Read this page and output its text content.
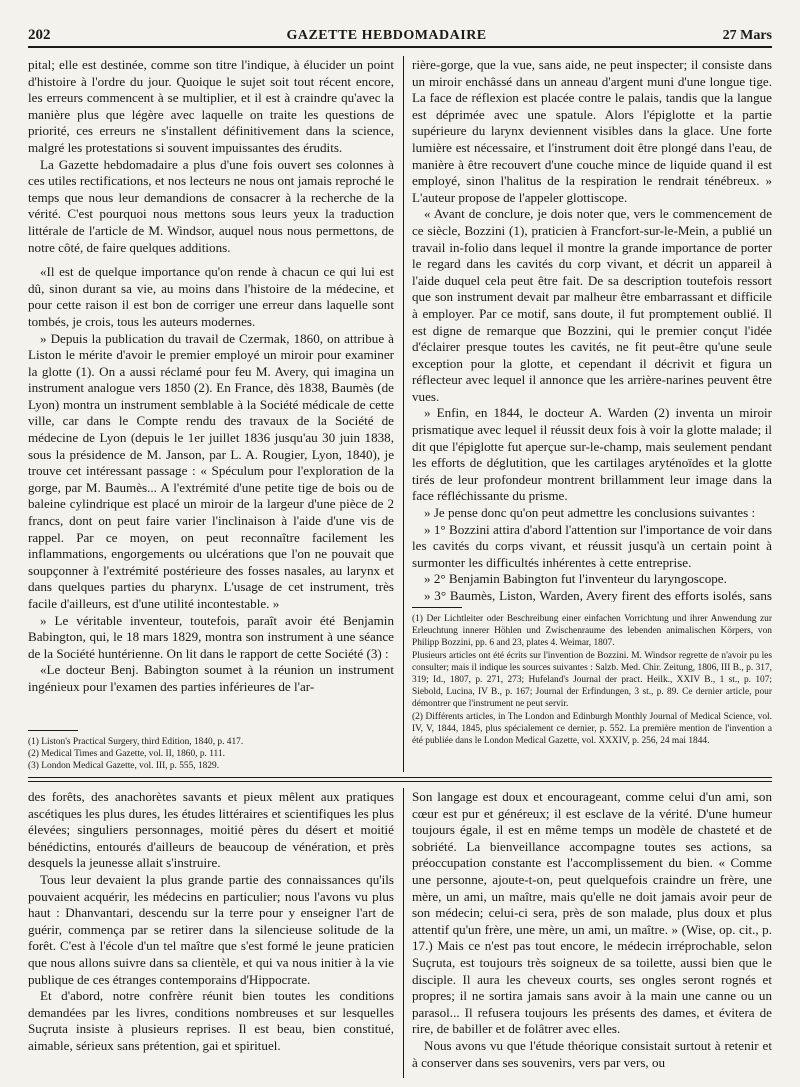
202	GAZETTE HEBDOMADAIRE	27 Mars

pital; elle est destinée, comme son titre l'indique, à élucider un point d'histoire à l'ordre du jour. Quoique le sujet soit tout récent encore, les erreurs commencent à se multiplier, et il est à craindre qu'avec la manière plus que légère avec laquelle on traite les questions de priorité, ces erreurs ne s'installent définitivement dans la science, malgré les protestations si souvent impuissantes des érudits.

La Gazette hebdomadaire a plus d'une fois ouvert ses colonnes à ces utiles rectifications, et nos lecteurs ne nous ont jamais reproché le temps que nous leur demandions de consacrer à la recherche de la vérité. C'est pourquoi nous mettons sous leurs yeux la traduction littérale de l'article de M. Windsor, auquel nous nous permettons, de notre côté, de faire quelques additions.

«Il est de quelque importance qu'on rende à chacun ce qui lui est dû, sinon durant sa vie, au moins dans l'histoire de la médecine, et pour cette raison il est bon de corriger une erreur dans laquelle sont tombés, je crois, tous les auteurs modernes.

» Depuis la publication du travail de Czermak, 1860, on attribue à Liston le mérite d'avoir le premier employé un miroir pour examiner la glotte (1). On a aussi réclamé pour feu M. Avery, qui imagina un instrument analogue vers 1850 (2). En France, dès 1838, Baumès (de Lyon) montra un instrument semblable à la Société médicale de cette ville, car dans le Compte rendu des travaux de la Société de médecine de Lyon (depuis le 1er juillet 1836 jusqu'au 30 juin 1838, sous la présidence de M. Janson, par L. A. Rougier, Lyon, 1840), je trouve cet intéressant passage : « Spéculum pour l'exploration de la gorge, par M. Baumès... A l'extrémité d'une petite tige de bois ou de baleine cylindrique est placé un miroir de la largeur d'une pièce de 2 francs, dont on peut faire varier l'inclinaison à l'aide d'une vis de rappel. Par ce moyen, on peut reconnaître facilement les inflammations, engorgements ou ulcérations que l'on ne pouvait que soupçonner à l'extrémité postérieure des fosses nasales, au larynx et dans quelques parties du pharynx. L'usage de cet instrument, très facile d'ailleurs, est d'une utilité incontestable. »

» Le véritable inventeur, toutefois, paraît avoir été Benjamin Babington, qui, le 18 mars 1829, montra son instrument à une séance de la Société huntérienne. On lit dans le rapport de cette Société (3) :

«Le docteur Benj. Babington soumet à la réunion un instrument ingénieux pour l'examen des parties inférieures de l'ar-

(1) Liston's Practical Surgery, third Edition, 1840, p. 417.

(2) Medical Times and Gazette, vol. II, 1860, p. 111.

(3) London Medical Gazette, vol. III, p. 555, 1829.

rière-gorge, que la vue, sans aide, ne peut inspecter; il consiste dans un miroir enchâssé dans un anneau d'argent muni d'une longue tige. La face de réflexion est placée contre le palais, tandis que la langue est déprimée avec une spatule. Alors l'épiglotte et la partie supérieure du larynx deviennent visibles dans la glace. Une forte lumière est nécessaire, et l'instrument doit être plongé dans l'eau, de manière à être recouvert d'une couche mince de liquide quand il est employé, sinon l'halitus de la respiration le rendrait ténébreux. » L'auteur propose de l'appeler glottiscope.

« Avant de conclure, je dois noter que, vers le commencement de ce siècle, Bozzini (1), praticien à Francfort-sur-le-Mein, a publié un travail in-folio dans lequel il montre la grande importance de porter le regard dans les cavités du corp vivant, et décrit un appareil à l'aide duquel cela peut être fait. De sa description toutefois ressort que son instrument devait par malheur être embarrassant et difficile à employer. Par ce motif, sans doute, il fut promptement oublié. Il est digne de remarque que Bozzini, qui le premier conçut l'idée d'éclairer presque toutes les cavités, ne fit peut-être qu'une seule exception pour la glotte, et cependant il décrivit et figura un réflecteur avec lequel il annonce que les arrière-narines peuvent être vues.

» Enfin, en 1844, le docteur A. Warden (2) inventa un miroir prismatique avec lequel il réussit deux fois à voir la glotte malade; il dit que l'épiglotte fut aperçue sur-le-champ, mais seulement pendant les efforts de déglutition, que les cartilages aryténoïdes et la glotte tirés de leur profondeur montrent brillamment leur image dans la face réfléchissante du prisme.

» Je pense donc qu'on peut admettre les conclusions suivantes :

» 1° Bozzini attira d'abord l'attention sur l'importance de voir dans les cavités du corps vivant, et réussit jusqu'à un certain point à surmonter les difficultés inhérentes à cette entreprise.

» 2° Benjamin Babington fut l'inventeur du laryngoscope.

» 3° Baumès, Liston, Warden, Avery firent des efforts isolés, sans

(1) Der Lichtleiter oder Beschreibung einer einfachen Vorrichtung und ihrer Anwendung zur Erleuchtung innerer Höhlen und Zwischenraume des lebenden animalischen Körpers, von Philipp Bozzini, pp. 6 and 23, plates 4. Weimar, 1807.

Plusieurs articles ont été écrits sur l'invention de Bozzini. M. Windsor regrette de n'avoir pu les consulter; mais il indique les sources suivantes : Salzb. Med. Chir. Zeitung, 1806, III B., p. 317, 319; Id., 1807, p. 271, 273; Hufeland's Journal der pract. Heilk., XXIV B., 1 st., p. 107; Siebold, Lucina, IV B., p. 167; Journal der Erfindungen, 3 st., p. 89. Ce dernier article, pour démontrer que l'instrument ne peut servir.

(2) Différents articles, in The London and Edinburgh Monthly Journal of Medical Science, vol. IV, V, 1844, 1845, plus spécialement ce dernier, p. 552. La première mention de l'invention a été publiée dans le London Medical Gazette, vol. XXXIV, p. 256, 24 mai 1844.

des forêts, des anachorètes savants et pieux mêlent aux pratiques ascétiques les plus dures, les études littéraires et scientifiques les plus élevées; singuliers personnages, moitié pères du désert et moitié bénédictins, entourés d'ailleurs de beaucoup de vénération, et près desquels la jeunesse allait s'instruire.

Tous leur devaient la plus grande partie des connaissances qu'ils pouvaient acquérir, les médecins en particulier; nous l'avons vu plus haut : Dhanvantari, descendu sur la terre pour y enseigner l'art de guérir, commença par se retirer dans la silencieuse solitude de la forêt. C'est à l'école d'un tel maître que s'est formé le jeune praticien que nous allons suivre dans sa clientèle, et qui va nous initier à la vie publique de ces étranges contemporains d'Hippocrate.

Et d'abord, notre confrère réunit bien toutes les conditions demandées par les livres, conditions nombreuses et sur lesquelles Suçruta insiste à plusieurs reprises. Il est beau, bien constitué, aimable, sérieux sans prétention, gai et spirituel.

Son langage est doux et encourageant, comme celui d'un ami, son cœur est pur et généreux; il est esclave de la vérité. D'une humeur toujours égale, il est en même temps un modèle de chasteté et de sobriété. La bienveillance accompagne toutes ses actions, sa préoccupation constante est l'accomplissement du bien. « Comme une personne, ajoute-t-on, peut quelquefois craindre un frère, une mère, un ami, un maître, mais qu'elle ne doit jamais avoir peur de son médecin; celui-ci sera, près de son malade, plus doux et plus attentif qu'un frère, une mère, un ami, un maître. » (Wise, op. cit., p. 17.) Mais ce n'est pas tout encore, le médecin irréprochable, selon Suçruta, est toujours très soigneux de sa toilette, aussi bien que le disciple. Il aura les cheveux courts, ses ongles seront rognés et propres; il ne sortira jamais sans avoir à la main une canne ou un parasol... Il refusera toujours les présents des dames, et évitera de rire, de babiller et de folâtrer avec elles.

Nous avons vu que l'étude théorique consistait surtout à retenir et à conserver dans ses souvenirs, vers par vers, ou
